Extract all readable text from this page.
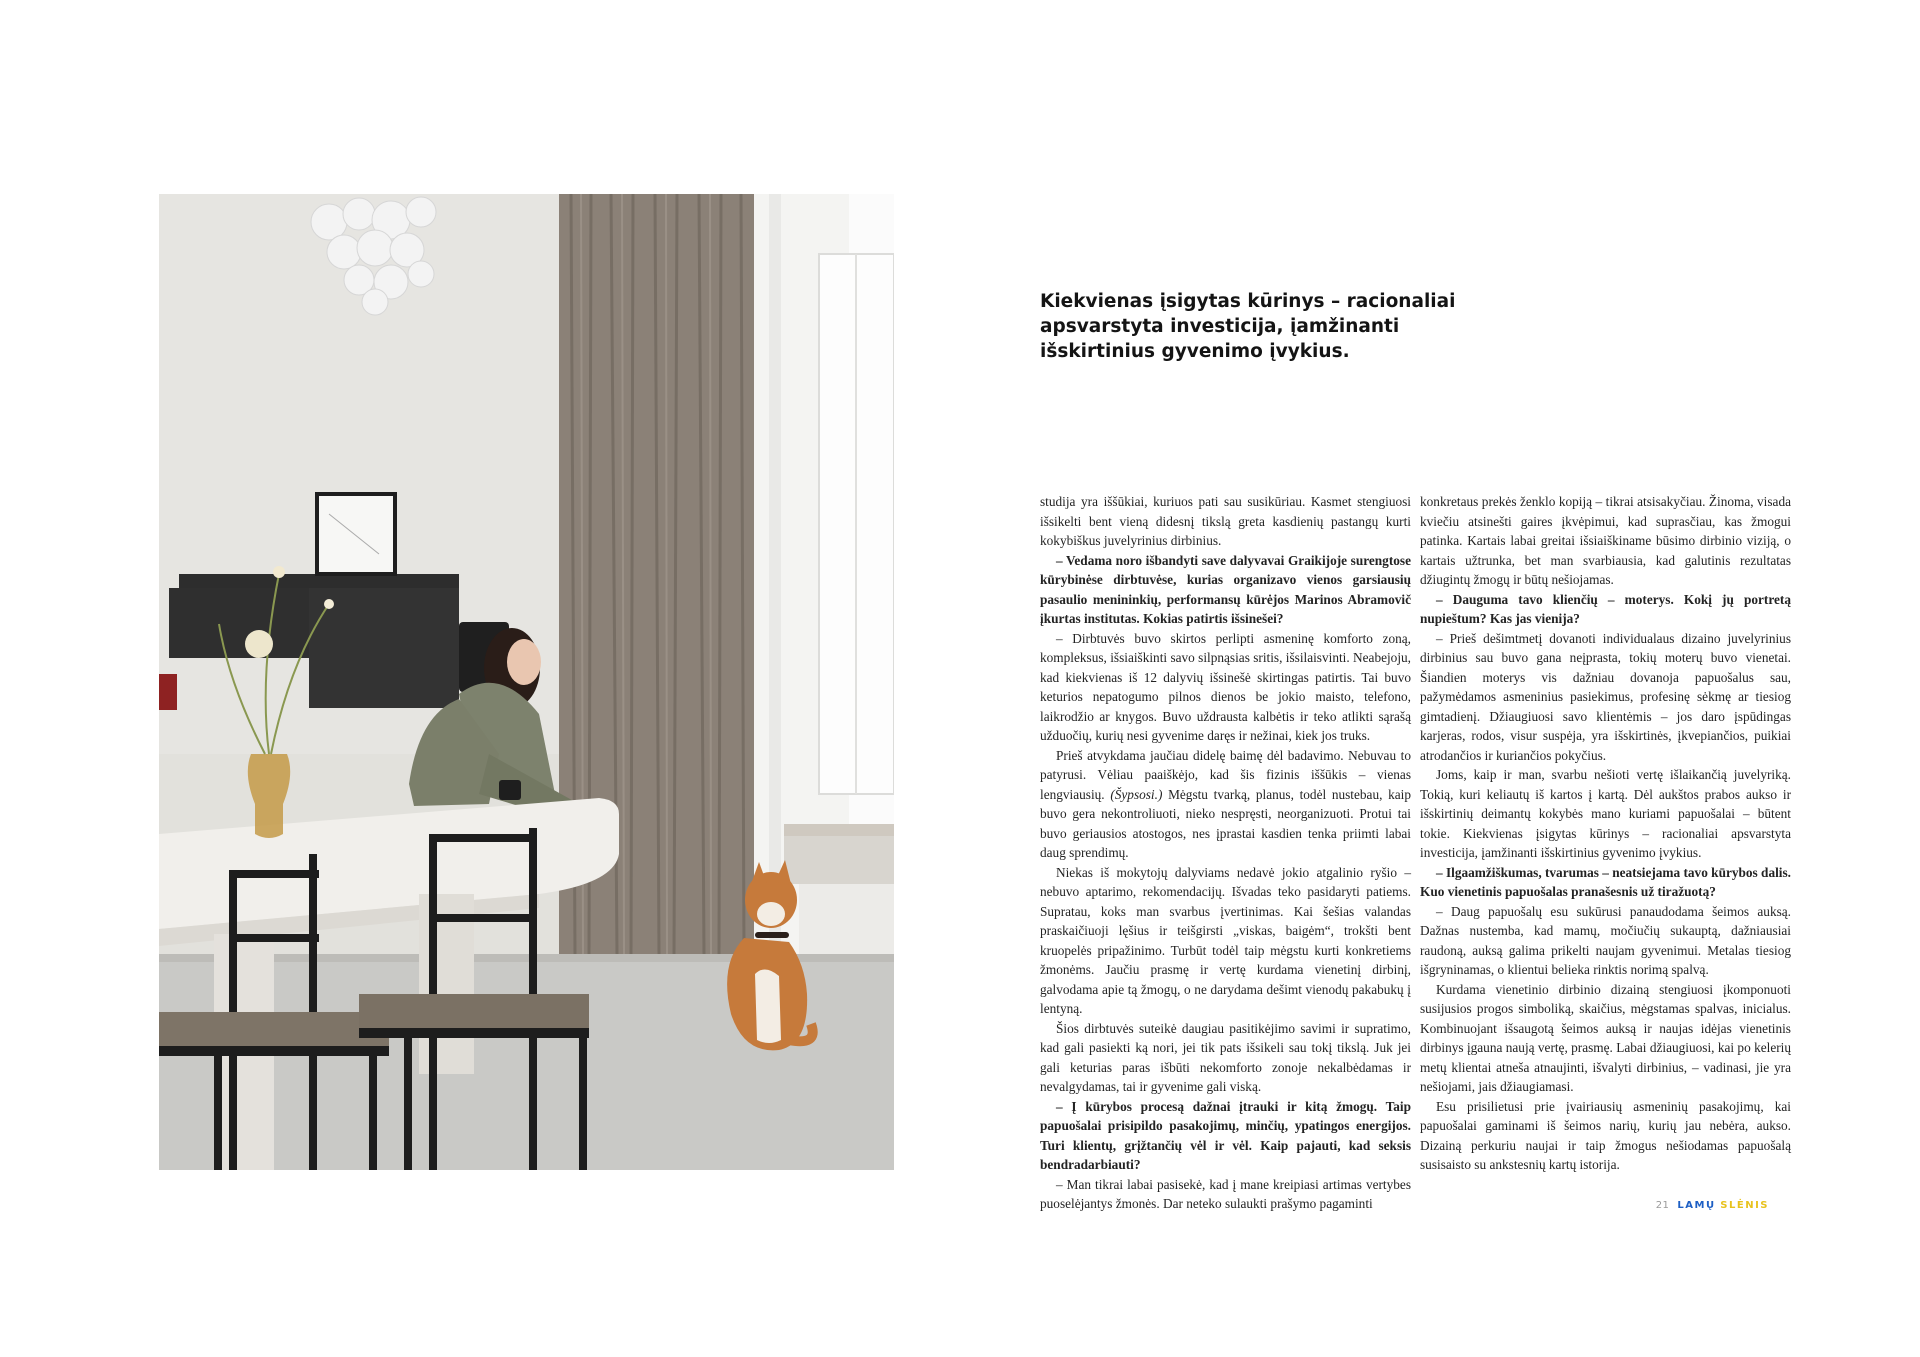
Kiekvienas įsigytas kūrinys – racionaliai apsvarstyta investicija, įamžinanti išskirtinius gyvenimo įvykius.

studija yra iššūkiai, kuriuos pati sau susikūriau. Kasmet stengiuosi išsikelti bent vieną didesnį tikslą greta kasdienių pastangų kurti kokybiškus juvelyrinius dirbinius.

– Vedama noro išbandyti save dalyvavai Graikijoje surengtose kūrybinėse dirbtuvėse, kurias organizavo vienos garsiausių pasaulio menininkių, performansų kūrėjos Marinos Abramovič įkurtas institutas. Kokias patirtis išsinešei?

– Dirbtuvės buvo skirtos perlipti asmeninę komforto zoną, kompleksus, išsiaiškinti savo silpnąsias sritis, išsilaisvinti. Neabejoju, kad kiekvienas iš 12 dalyvių išsinešė skirtingas patirtis. Tai buvo keturios nepatogumo pilnos dienos be jokio maisto, telefono, laikrodžio ar knygos. Buvo uždrausta kalbėtis ir teko atlikti sąrašą užduočių, kurių nesi gyvenime daręs ir nežinai, kiek jos truks.

Prieš atvykdama jaučiau didelę baimę dėl badavimo. Nebuvau to patyrusi. Vėliau paaiškėjo, kad šis fizinis iššūkis – vienas lengviausių. (Šypsosi.) Mėgstu tvarką, planus, todėl nustebau, kaip buvo gera nekontroliuoti, nieko nespręsti, neorganizuoti. Protui tai buvo geriausios atostogos, nes įprastai kasdien tenka priimti labai daug sprendimų.

Niekas iš mokytojų dalyviams nedavė jokio atgalinio ryšio – nebuvo aptarimo, rekomendacijų. Išvadas teko pasidaryti patiems. Supratau, koks man svarbus įvertinimas. Kai šešias valandas praskaičiuoji lęšius ir teišgirsti „viskas, baigėm“, trokšti bent kruopelės pripažinimo. Turbūt todėl taip mėgstu kurti konkretiems žmonėms. Jaučiu prasmę ir vertę kurdama vienetinį dirbinį, galvodama apie tą žmogų, o ne darydama dešimt vienodų pakabukų į lentyną.

Šios dirbtuvės suteikė daugiau pasitikėjimo savimi ir supratimo, kad gali pasiekti ką nori, jei tik pats išsikeli sau tokį tikslą. Juk jei gali keturias paras išbūti nekomforto zonoje nekalbėdamas ir nevalgydamas, tai ir gyvenime gali viską.

– Į kūrybos procesą dažnai įtrauki ir kitą žmogų. Taip papuošalai prisipildo pasakojimų, minčių, ypatingos energijos. Turi klientų, grįžtančių vėl ir vėl. Kaip pajauti, kad seksis bendradarbiauti?

– Man tikrai labai pasisekė, kad į mane kreipiasi artimas vertybes puoselėjantys žmonės. Dar neteko sulaukti prašymo pagaminti

konkretaus prekės ženklo kopiją – tikrai atsisakyčiau. Žinoma, visada kviečiu atsinešti gaires įkvėpimui, kad suprasčiau, kas žmogui patinka. Kartais labai greitai išsiaiškiname būsimo dirbinio viziją, o kartais užtrunka, bet man svarbiausia, kad galutinis rezultatas džiugintų žmogų ir būtų nešiojamas.

– Dauguma tavo klienčių – moterys. Kokį jų portretą nupieštum? Kas jas vienija?

– Prieš dešimtmetį dovanoti individualaus dizaino juvelyrinius dirbinius sau buvo gana neįprasta, tokių moterų buvo vienetai. Šiandien moterys vis dažniau dovanoja papuošalus sau, pažymėdamos asmeninius pasiekimus, profesinę sėkmę ar tiesiog gimtadienį. Džiaugiuosi savo klientėmis – jos daro įspūdingas karjeras, rodos, visur suspėja, yra išskirtinės, įkvepiančios, puikiai atrodančios ir kuriančios pokyčius.

Joms, kaip ir man, svarbu nešioti vertę išlaikančią juvelyriką. Tokią, kuri keliautų iš kartos į kartą. Dėl aukštos prabos aukso ir išskirtinių deimantų kokybės mano kuriami papuošalai – būtent tokie. Kiekvienas įsigytas kūrinys – racionaliai apsvarstyta investicija, įamžinanti išskirtinius gyvenimo įvykius.

– Ilgaamžiškumas, tvarumas – neatsiejama tavo kūrybos dalis. Kuo vienetinis papuošalas pranašesnis už tiražuotą?

– Daug papuošalų esu sukūrusi panaudodama šeimos auksą. Dažnas nustemba, kad mamų, močiučių sukauptą, dažniausiai raudoną, auksą galima prikelti naujam gyvenimui. Metalas tiesiog išgryninamas, o klientui belieka rinktis norimą spalvą.

Kurdama vienetinio dirbinio dizainą stengiuosi įkomponuoti susijusios progos simboliką, skaičius, mėgstamas spalvas, inicialus. Kombinuojant išsaugotą šeimos auksą ir naujas idėjas vienetinis dirbinys įgauna naują vertę, prasmę. Labai džiaugiuosi, kai po kelerių metų klientai atneša atnaujinti, išvalyti dirbinius, – vadinasi, jie yra nešiojami, jais džiaugiamasi.

Esu prisilietusi prie įvairiausių asmeninių pasakojimų, kai papuošalai gaminami iš šeimos narių, kurių jau nebėra, aukso. Dizainą perkuriu naujai ir taip žmogus nešiodamas papuošalą susisaisto su ankstesnių kartų istorija.

21 LAMŲ SLĖNIS
